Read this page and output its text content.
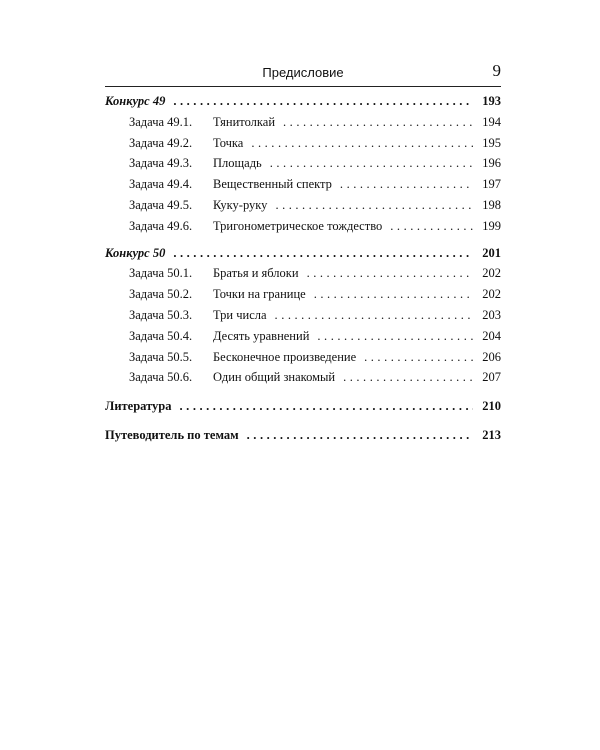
Предисловие	9
Конкурс 49 . . .	193
Задача 49.1.	Тянитолкай . . .	194
Задача 49.2.	Точка . . .	195
Задача 49.3.	Площадь . . .	196
Задача 49.4.	Вещественный спектр . . .	197
Задача 49.5.	Куку-руку . . .	198
Задача 49.6.	Тригонометрическое тождество . . .	199
Конкурс 50 . . .	201
Задача 50.1.	Братья и яблоки . . .	202
Задача 50.2.	Точки на границе . . .	202
Задача 50.3.	Три числа . . .	203
Задача 50.4.	Десять уравнений . . .	204
Задача 50.5.	Бесконечное произведение . . .	206
Задача 50.6.	Один общий знакомый . . .	207
Литература . . .	210
Путеводитель по темам . . .	213
